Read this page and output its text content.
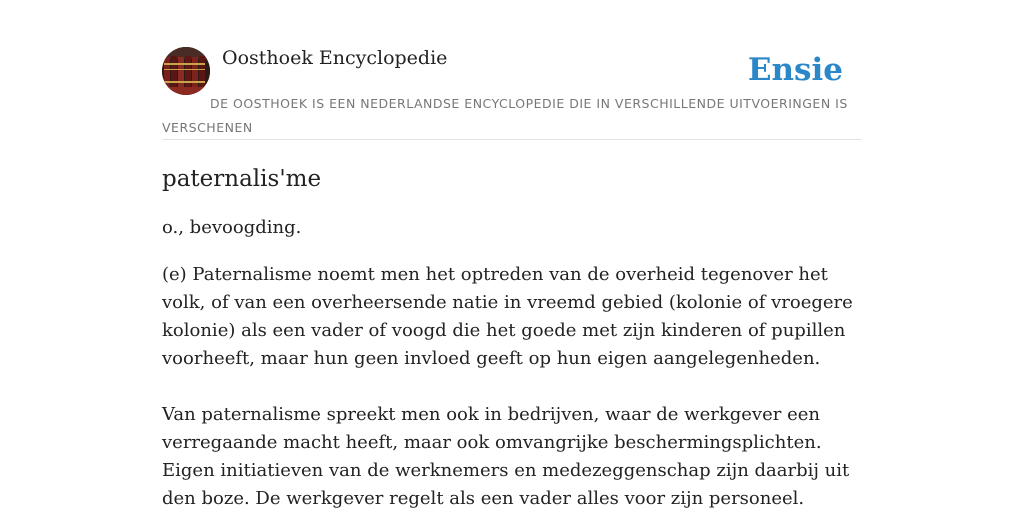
Oosthoek Encyclopedie	Ensie

DE OOSTHOEK IS EEN NEDERLANDSE ENCYCLOPEDIE DIE IN VERSCHILLENDE UITVOERINGEN IS VERSCHENEN

paternalis'me

o., bevoogding.

(e) Paternalisme noemt men het optreden van de overheid tegenover het volk, of van een overheersende natie in vreemd gebied (kolonie of vroegere kolonie) als een vader of voogd die het goede met zijn kinderen of pupillen voorheeft, maar hun geen invloed geeft op hun eigen aangelegenheden.

Van paternalisme spreekt men ook in bedrijven, waar de werkgever een verregaande macht heeft, maar ook omvangrijke beschermingsplichten. Eigen initiatieven van de werknemers en medezeggenschap zijn daarbij uit den boze. De werkgever regelt als een vader alles voor zijn personeel.
